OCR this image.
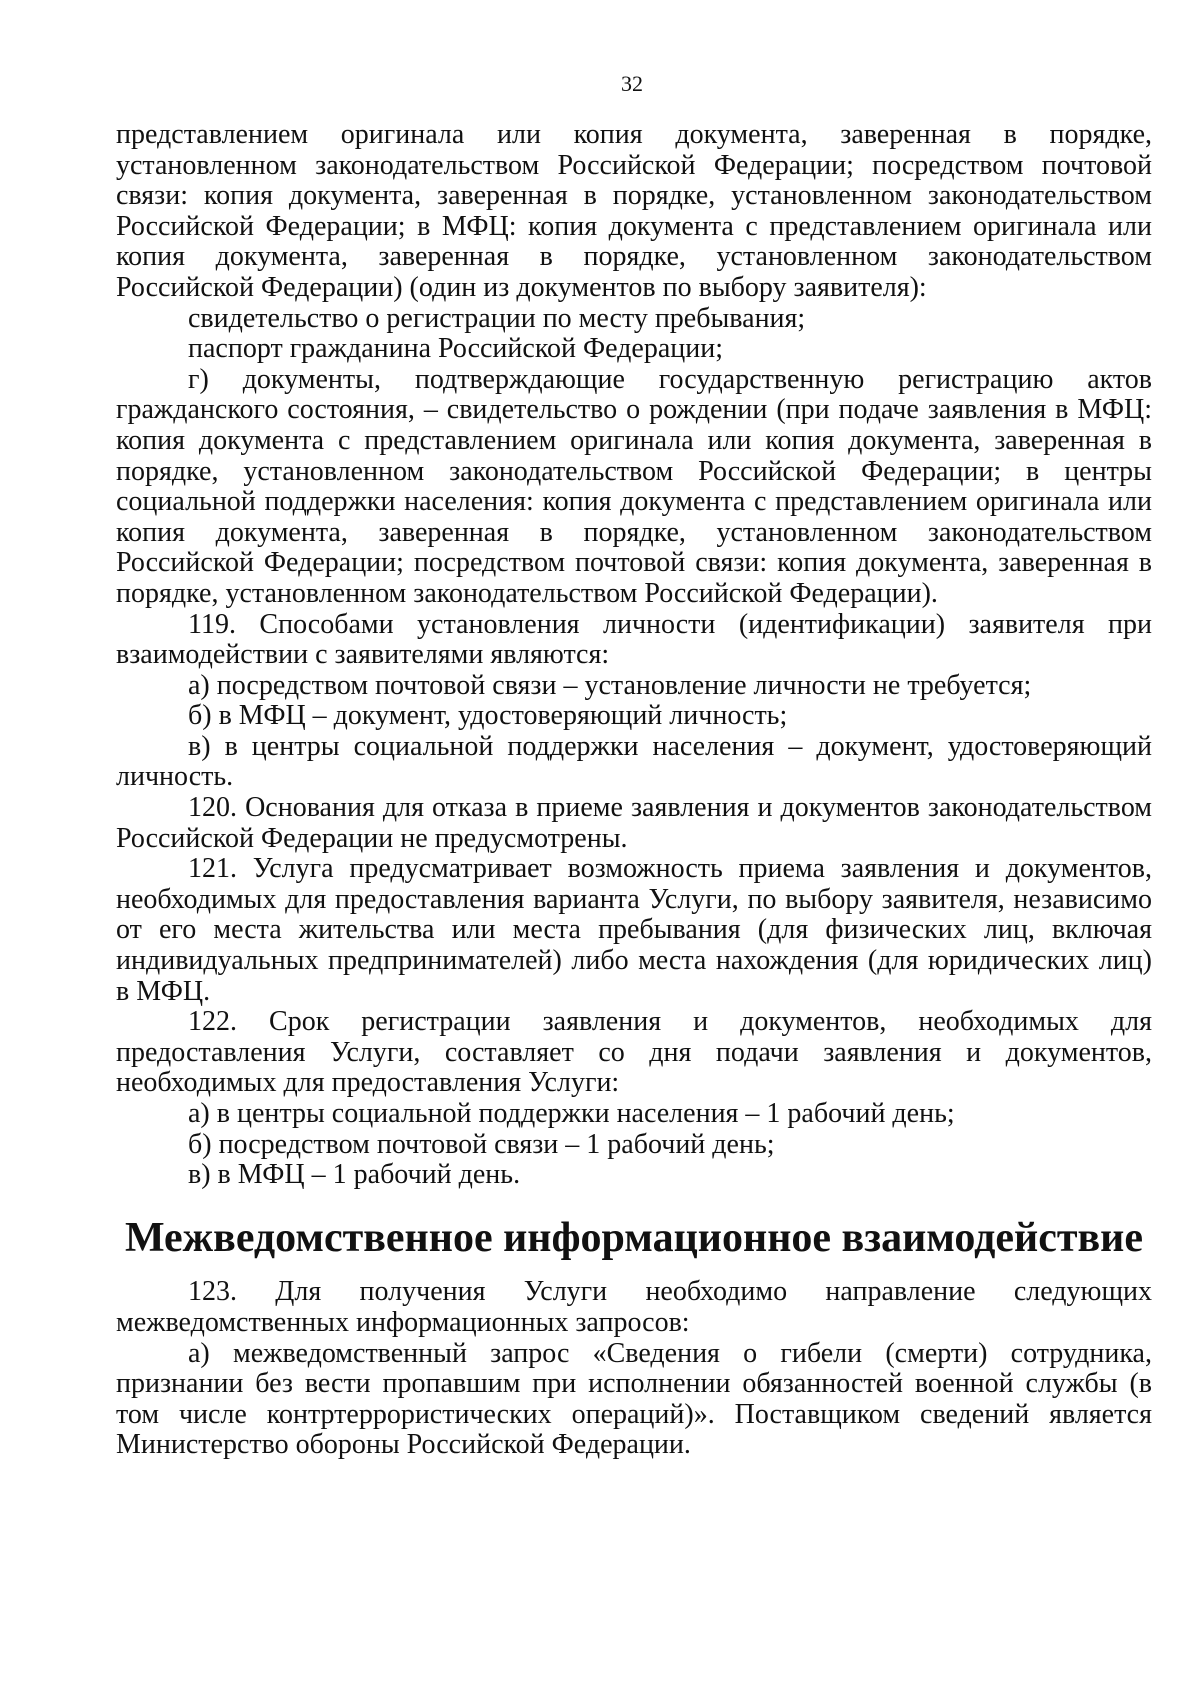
32

представлением оригинала или копия документа, заверенная в порядке, установленном законодательством Российской Федерации; посредством почтовой связи: копия документа, заверенная в порядке, установленном законодательством Российской Федерации; в МФЦ: копия документа с представлением оригинала или копия документа, заверенная в порядке, установленном законодательством Российской Федерации) (один из документов по выбору заявителя):

свидетельство о регистрации по месту пребывания;

паспорт гражданина Российской Федерации;

г) документы, подтверждающие государственную регистрацию актов гражданского состояния, – свидетельство о рождении (при подаче заявления в МФЦ: копия документа с представлением оригинала или копия документа, заверенная в порядке, установленном законодательством Российской Федерации; в центры социальной поддержки населения: копия документа с представлением оригинала или копия документа, заверенная в порядке, установленном законодательством Российской Федерации; посредством почтовой связи: копия документа, заверенная в порядке, установленном законодательством Российской Федерации).

119. Способами установления личности (идентификации) заявителя при взаимодействии с заявителями являются:

а) посредством почтовой связи – установление личности не требуется;

б) в МФЦ – документ, удостоверяющий личность;

в) в центры социальной поддержки населения – документ, удостоверяющий личность.

120. Основания для отказа в приеме заявления и документов законодательством Российской Федерации не предусмотрены.

121. Услуга предусматривает возможность приема заявления и документов, необходимых для предоставления варианта Услуги, по выбору заявителя, независимо от его места жительства или места пребывания (для физических лиц, включая индивидуальных предпринимателей) либо места нахождения (для юридических лиц) в МФЦ.

122. Срок регистрации заявления и документов, необходимых для предоставления Услуги, составляет со дня подачи заявления и документов, необходимых для предоставления Услуги:

а) в центры социальной поддержки населения – 1 рабочий день;

б) посредством почтовой связи – 1 рабочий день;

в) в МФЦ – 1 рабочий день.

Межведомственное информационное взаимодействие

123. Для получения Услуги необходимо направление следующих межведомственных информационных запросов:

а) межведомственный запрос «Сведения о гибели (смерти) сотрудника, признании без вести пропавшим при исполнении обязанностей военной службы (в том числе контртеррористических операций)». Поставщиком сведений является Министерство обороны Российской Федерации.
